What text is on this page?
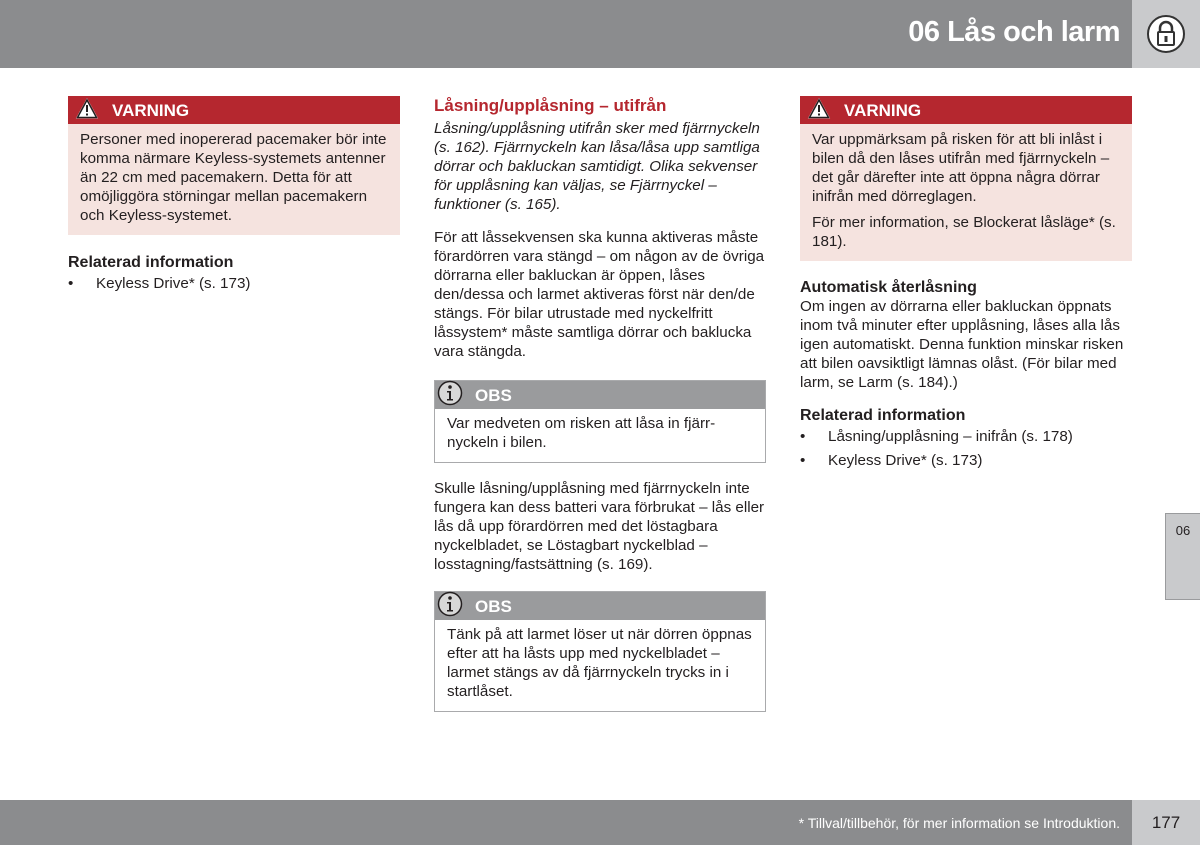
06 Lås och larm
VARNING

Personer med inopererad pacemaker bör inte komma närmare Keyless-systemets antenner än 22 cm med pacemakern. Detta för att omöjliggöra störningar mellan pacemakern och Keyless-systemet.

Relaterad information
• Keyless Drive* (s. 173)
Låsning/upplåsning – utifrån

Låsning/upplåsning utifrån sker med fjärrnyckeln (s. 162). Fjärrnyckeln kan låsa/låsa upp samtliga dörrar och bakluckan samtidigt. Olika sekvenser för upplåsning kan väljas, se Fjärrnyckel – funktioner (s. 165).

För att låssekvensen ska kunna aktiveras måste förardörren vara stängd – om någon av de övriga dörrarna eller bakluckan är öppen, låses den/dessa och larmet aktiveras först när den/de stängs. För bilar utrustade med nyckelfritt låssystem* måste samtliga dörrar och baklucka vara stängda.

OBS

Var medveten om risken att låsa in fjärrnyckeln i bilen.

Skulle låsning/upplåsning med fjärrnyckeln inte fungera kan dess batteri vara förbrukat – lås eller lås då upp förardörren med det löstagbara nyckelbladet, se Löstagbart nyckelblad – losstagning/fastsättning (s. 169).

OBS

Tänk på att larmet löser ut när dörren öppnas efter att ha låsts upp med nyckelbladet – larmet stängs av då fjärrnyckeln trycks in i startlåset.

VARNING

Var uppmärksam på risken för att bli inlåst i bilen då den låses utifrån med fjärrnyckeln – det går därefter inte att öppna några dörrar inifrån med dörreglagen.

För mer information, se Blockerat låsläge* (s. 181).

Automatisk återlåsning

Om ingen av dörrarna eller bakluckan öppnats inom två minuter efter upplåsning, låses alla lås igen automatiskt. Denna funktion minskar risken att bilen oavsiktligt lämnas olåst. (För bilar med larm, se Larm (s. 184).)

Relaterad information
• Låsning/upplåsning – inifrån (s. 178)
• Keyless Drive* (s. 173)
06
* Tillval/tillbehör, för mer information se Introduktion.	177
